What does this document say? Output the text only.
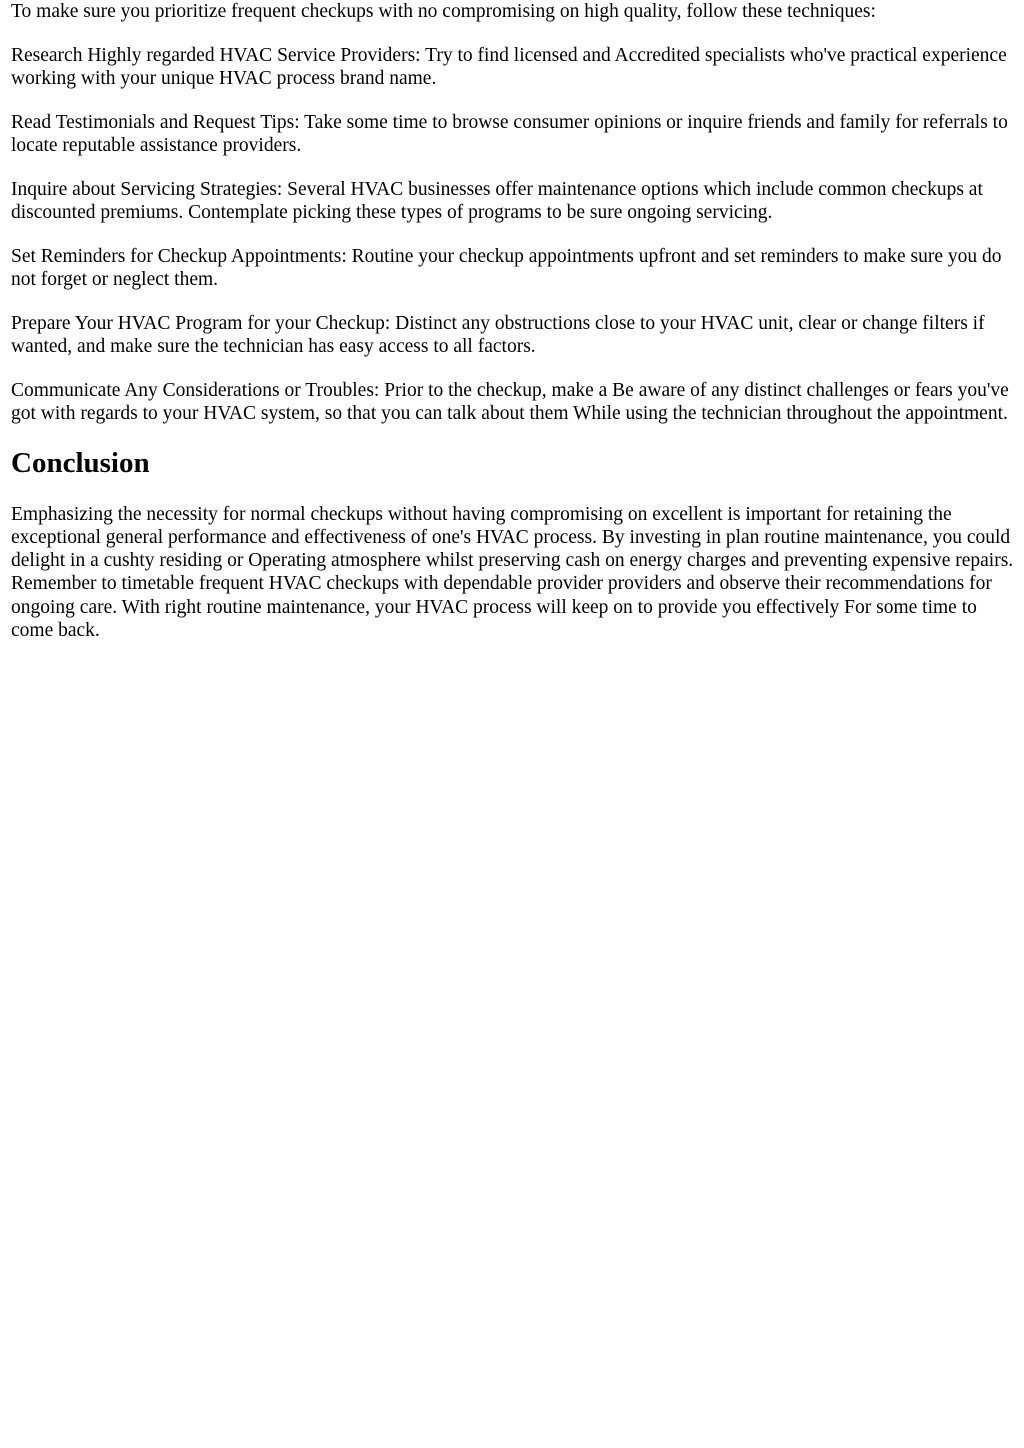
To make sure you prioritize frequent checkups with no compromising on high quality, follow these techniques:

Research Highly regarded HVAC Service Providers: Try to find licensed and Accredited specialists who've practical experience working with your unique HVAC process brand name.

Read Testimonials and Request Tips: Take some time to browse consumer opinions or inquire friends and family for referrals to locate reputable assistance providers.

Inquire about Servicing Strategies: Several HVAC businesses offer maintenance options which include common checkups at discounted premiums. Contemplate picking these types of programs to be sure ongoing servicing.

Set Reminders for Checkup Appointments: Routine your checkup appointments upfront and set reminders to make sure you do not forget or neglect them.

Prepare Your HVAC Program for your Checkup: Distinct any obstructions close to your HVAC unit, clear or change filters if wanted, and make sure the technician has easy access to all factors.

Communicate Any Considerations or Troubles: Prior to the checkup, make a Be aware of any distinct challenges or fears you've got with regards to your HVAC system, so that you can talk about them While using the technician throughout the appointment.

Conclusion

Emphasizing the necessity for normal checkups without having compromising on excellent is important for retaining the exceptional general performance and effectiveness of one's HVAC process. By investing in plan routine maintenance, you could delight in a cushty residing or Operating atmosphere whilst preserving cash on energy charges and preventing expensive repairs. Remember to timetable frequent HVAC checkups with dependable provider providers and observe their recommendations for ongoing care. With right routine maintenance, your HVAC process will keep on to provide you effectively For some time to come back.
